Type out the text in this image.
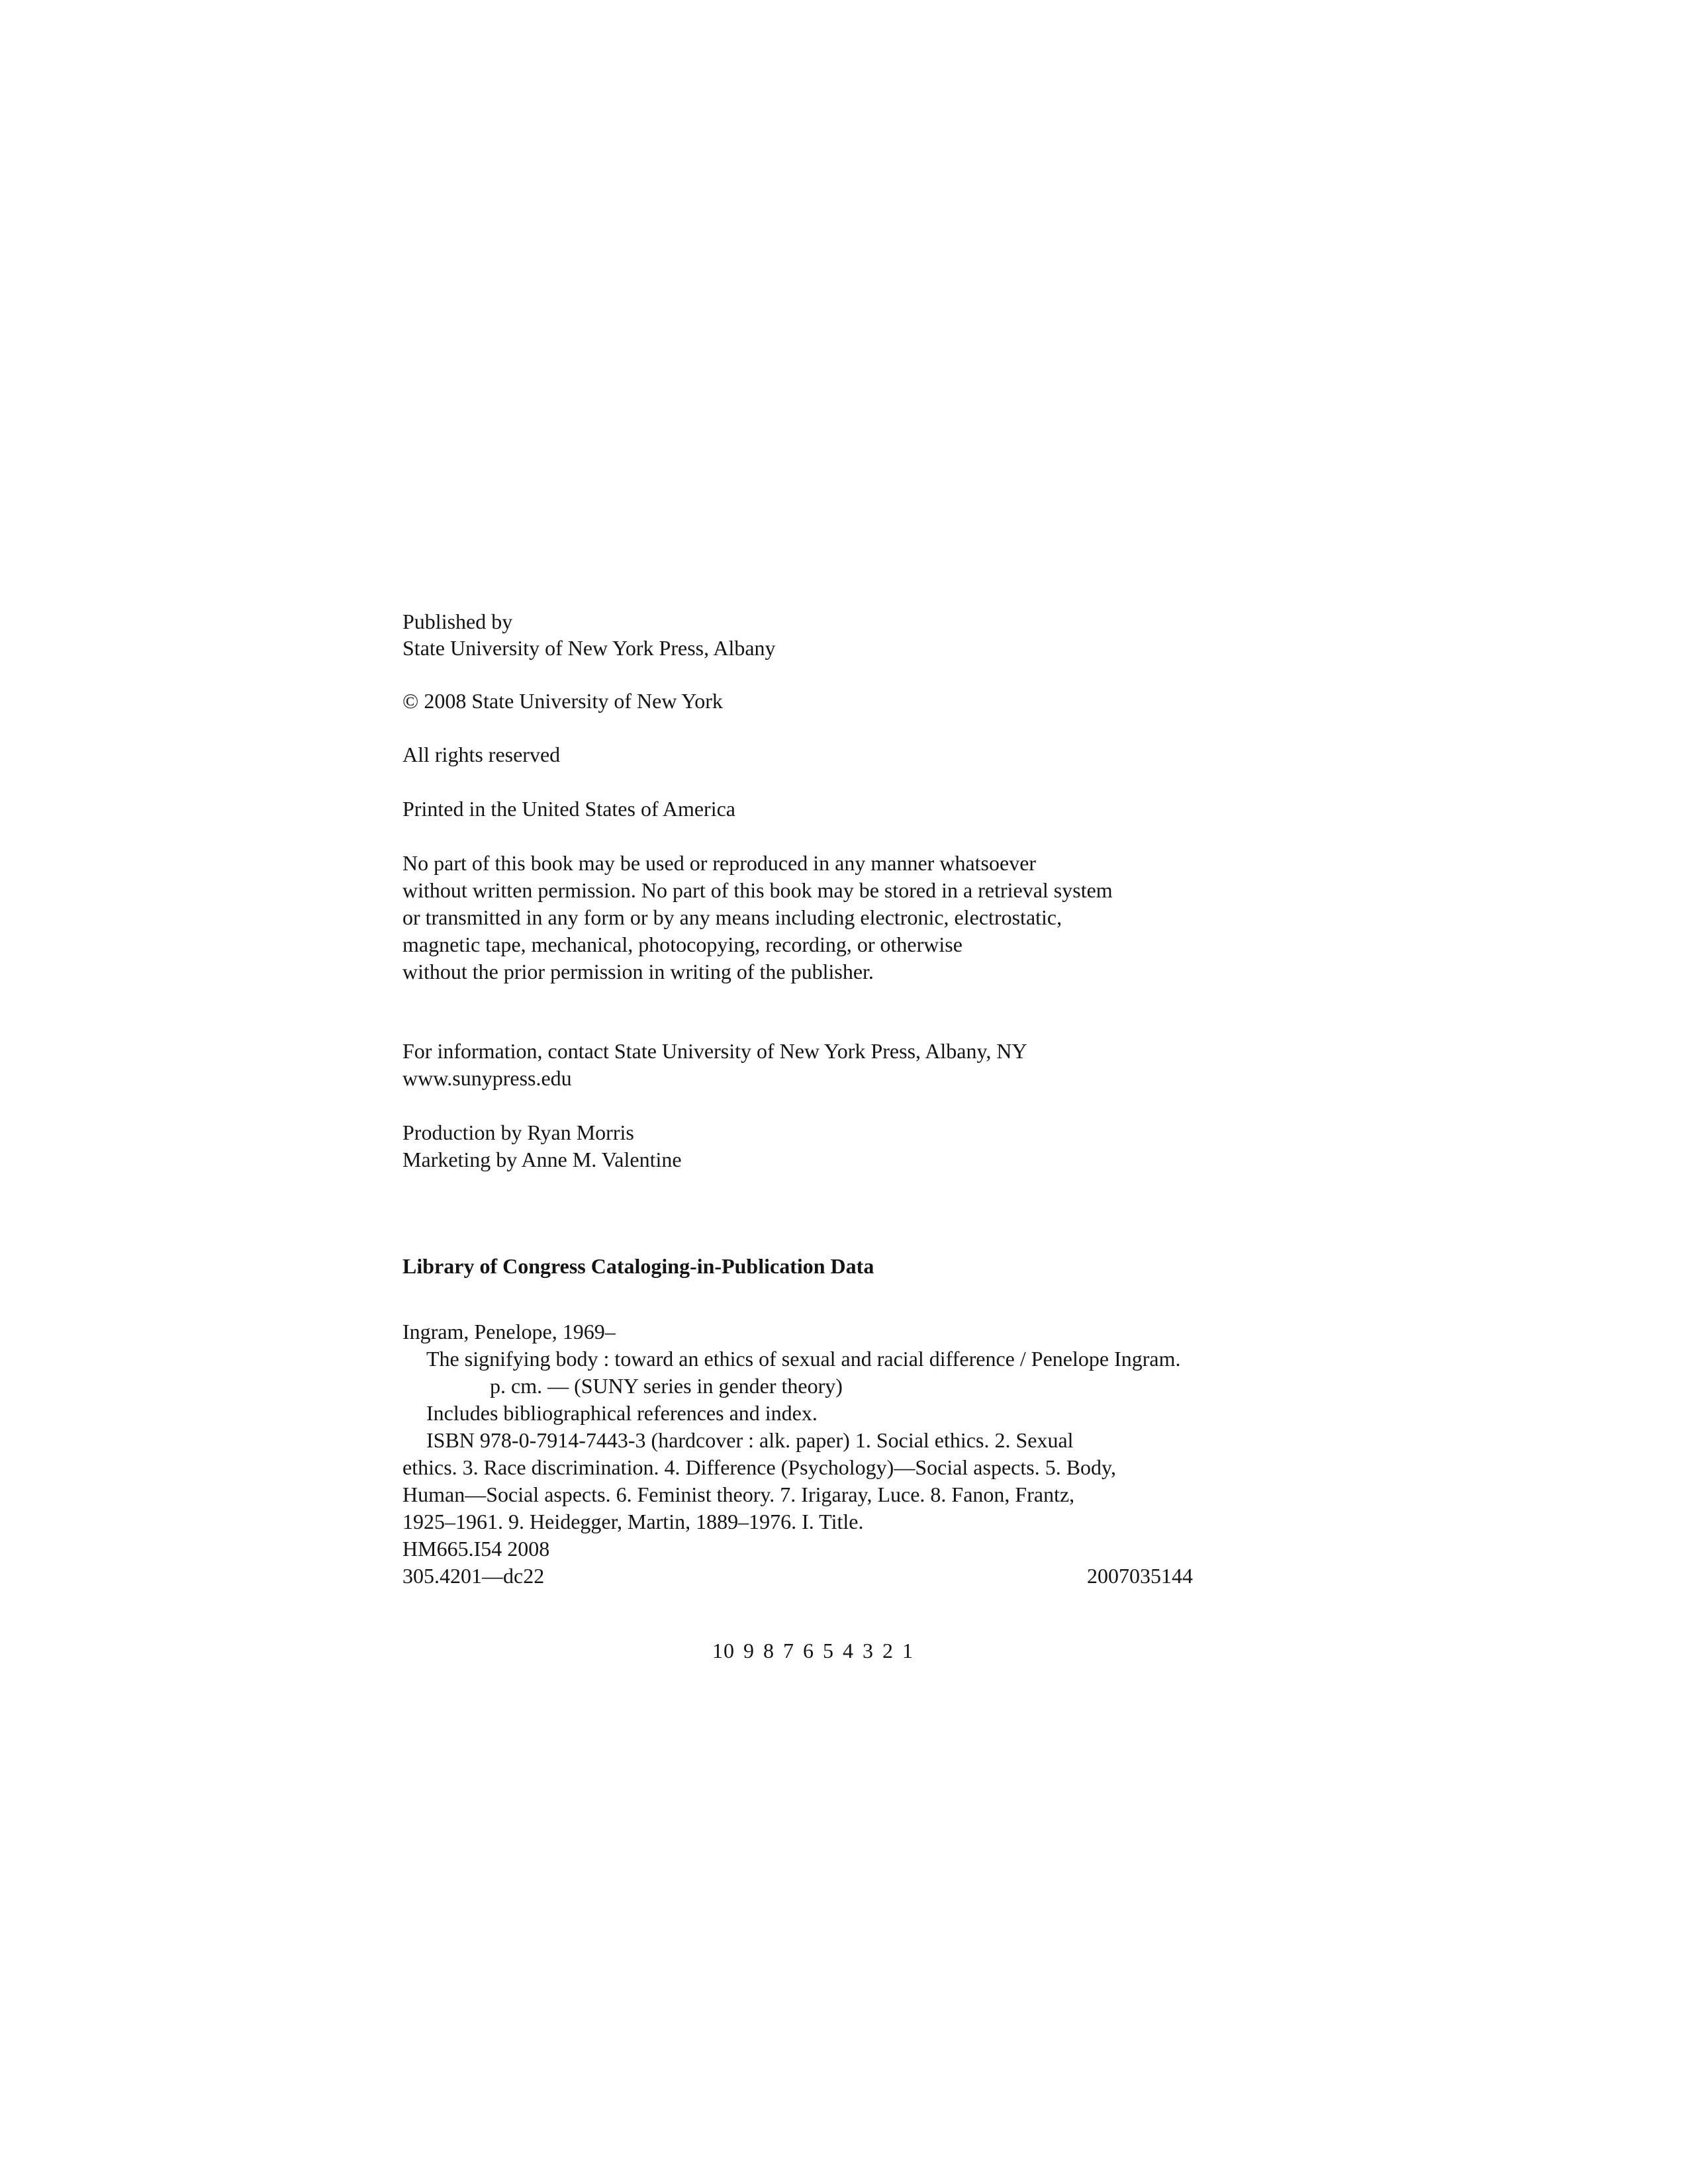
Published by

State University of New York Press, Albany

© 2008 State University of New York

All rights reserved

Printed in the United States of America

No part of this book may be used or reproduced in any manner whatsoever

without written permission. No part of this book may be stored in a retrieval system

or transmitted in any form or by any means including electronic, electrostatic,

magnetic tape, mechanical, photocopying, recording, or otherwise

without the prior permission in writing of the publisher.

For information, contact State University of New York Press, Albany, NY

www.sunypress.edu

Production by Ryan Morris

Marketing by Anne M. Valentine

Library of Congress Cataloging-in-Publication Data

Ingram, Penelope, 1969–

The signifying body : toward an ethics of sexual and racial difference / Penelope Ingram.

p. cm. — (SUNY series in gender theory)

Includes bibliographical references and index.

ISBN 978-0-7914-7443-3 (hardcover : alk. paper) 1. Social ethics. 2. Sexual

ethics. 3. Race discrimination. 4. Difference (Psychology)—Social aspects. 5. Body,

Human—Social aspects. 6. Feminist theory. 7. Irigaray, Luce. 8. Fanon, Frantz,

1925–1961. 9. Heidegger, Martin, 1889–1976. I. Title.

HM665.I54 2008

305.4201—dc22	2007035144

10 9 8 7 6 5 4 3 2 1
